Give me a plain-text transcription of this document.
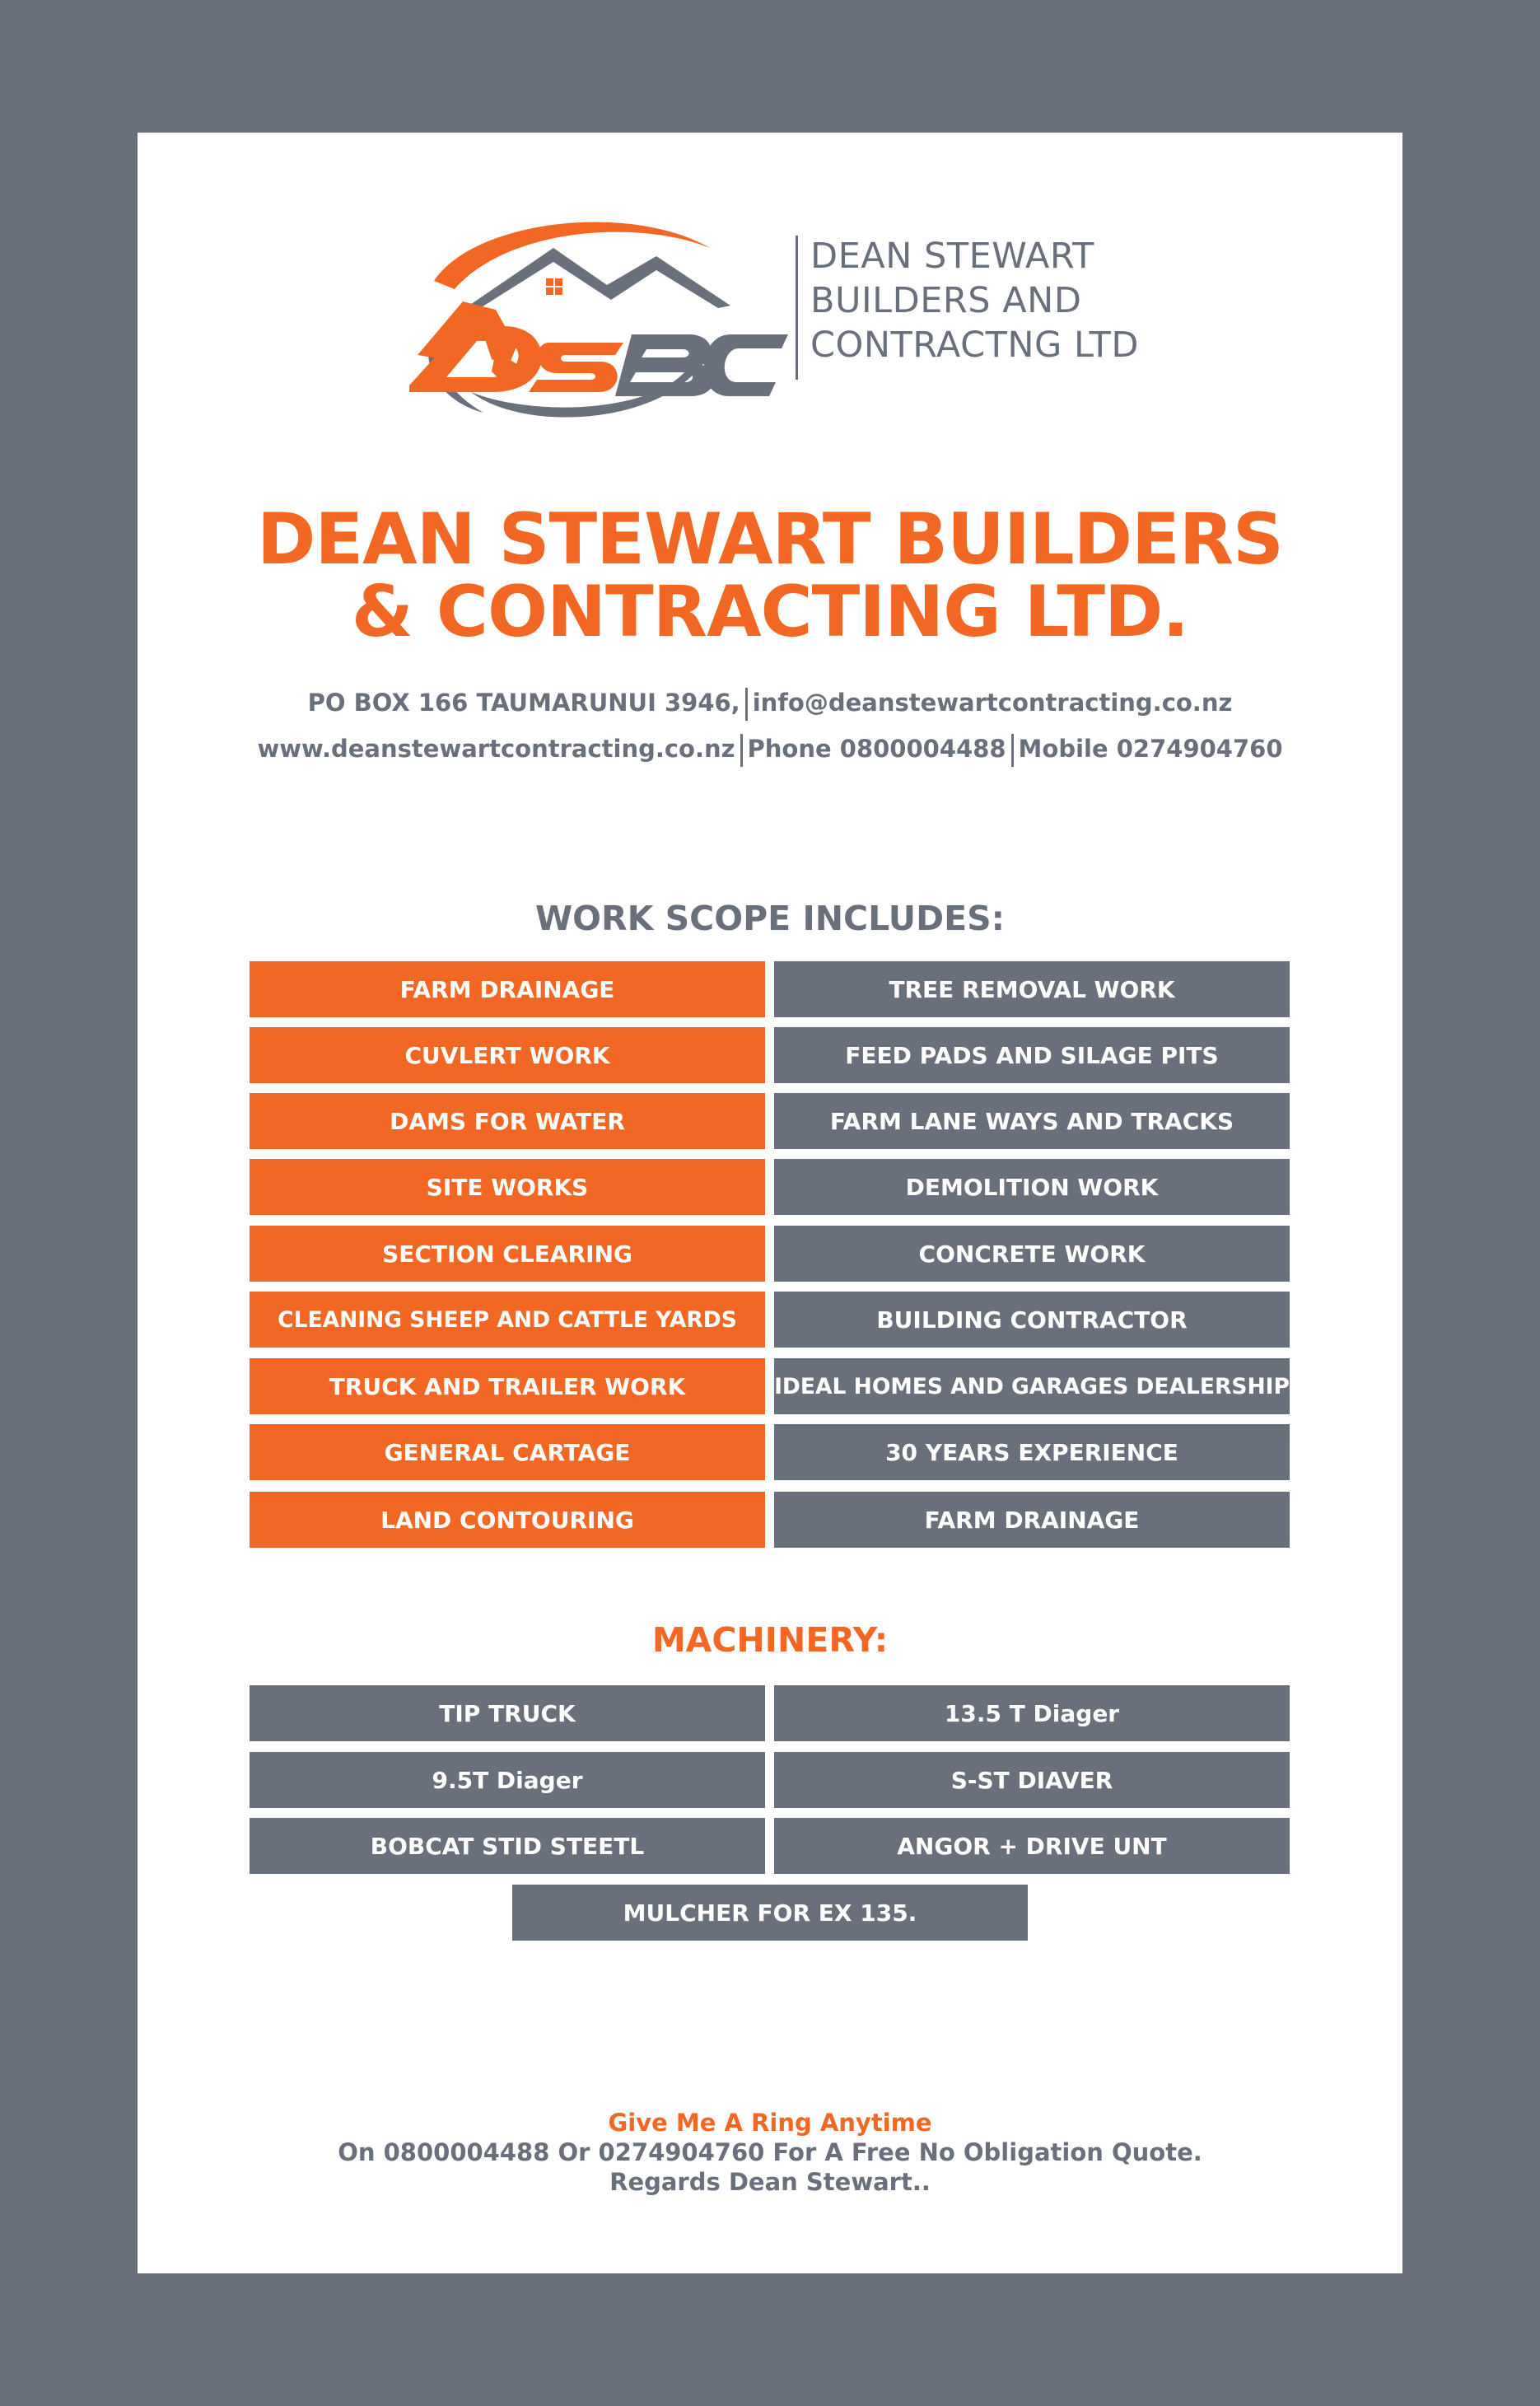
DEAN STEWART
BUILDERS AND
CONTRACTNG LTD
DEAN STEWART BUILDERS
& CONTRACTING LTD.
PO BOX 166 TAUMARUNUI 3946, info@deanstewartcontracting.co.nz
www.deanstewartcontracting.co.nz Phone 0800004488 Mobile 0274904760
WORK SCOPE INCLUDES:
FARM DRAINAGE
CUVLERT WORK
DAMS FOR WATER
SITE WORKS
SECTION CLEARING
CLEANING SHEEP AND CATTLE YARDS
TRUCK AND TRAILER WORK
GENERAL CARTAGE
LAND CONTOURING
TREE REMOVAL WORK
FEED PADS AND SILAGE PITS
FARM LANE WAYS AND TRACKS
DEMOLITION WORK
CONCRETE WORK
BUILDING CONTRACTOR
IDEAL HOMES AND GARAGES DEALERSHIP
30 YEARS EXPERIENCE
FARM DRAINAGE
MACHINERY:
TIP TRUCK
9.5T Diager
BOBCAT STID STEETL
13.5 T Diager
S-ST DIAVER
ANGOR + DRIVE UNT
MULCHER FOR EX 135.
Give Me A Ring Anytime
On 0800004488 Or 0274904760 For A Free No Obligation Quote.
Regards Dean Stewart..
